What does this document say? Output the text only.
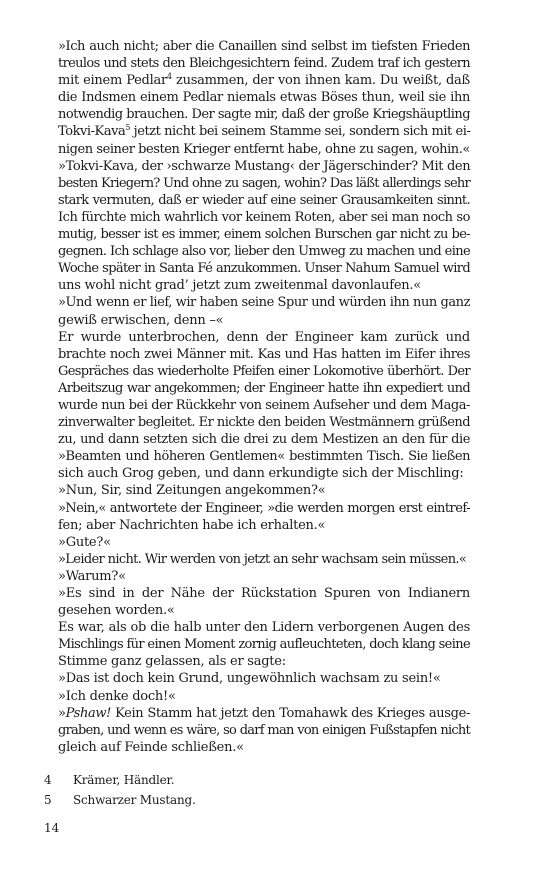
»Ich auch nicht; aber die Canaillen sind selbst im tiefsten Frieden
treulos und stets den Bleichgesichtern feind. Zudem traf ich gestern
mit einem Pedlar$^4$ zusammen, der von ihnen kam. Du weißt, daß
die Indsmen einem Pedlar niemals etwas Böses thun, weil sie ihn
notwendig brauchen. Der sagte mir, daß der große Kriegshäuptling
Tokvi-Kava$^5$ jetzt nicht bei seinem Stamme sei, sondern sich mit ei-
nigen seiner besten Krieger entfernt habe, ohne zu sagen, wohin.«

»Tokvi-Kava, der ›schwarze Mustang‹ der Jägerschinder? Mit den
besten Kriegern? Und ohne zu sagen, wohin? Das läßt allerdings sehr
stark vermuten, daß er wieder auf eine seiner Grausamkeiten sinnt.
Ich fürchte mich wahrlich vor keinem Roten, aber sei man noch so
mutig, besser ist es immer, einem solchen Burschen gar nicht zu be-
gegnen. Ich schlage also vor, lieber den Umweg zu machen und eine
Woche später in Santa Fé anzukommen. Unser Nahum Samuel wird
uns wohl nicht grad’ jetzt zum zweitenmal davonlaufen.«

»Und wenn er lief, wir haben seine Spur und würden ihn nun ganz
gewiß erwischen, denn –«

Er wurde unterbrochen, denn der Engineer kam zurück und
brachte noch zwei Männer mit. Kas und Has hatten im Eifer ihres
Gespräches das wiederholte Pfeifen einer Lokomotive überhört. Der
Arbeitszug war angekommen; der Engineer hatte ihn expediert und
wurde nun bei der Rückkehr von seinem Aufseher und dem Maga-
zinverwalter begleitet. Er nickte den beiden Westmännern grüßend
zu, und dann setzten sich die drei zu dem Mestizen an den für die
»Beamten und höheren Gentlemen« bestimmten Tisch. Sie ließen
sich auch Grog geben, und dann erkundigte sich der Mischling:

»Nun, Sir, sind Zeitungen angekommen?«

»Nein,« antwortete der Engineer, »die werden morgen erst eintref-
fen; aber Nachrichten habe ich erhalten.«

»Gute?«

»Leider nicht. Wir werden von jetzt an sehr wachsam sein müssen.«

»Warum?«

»Es sind in der Nähe der Rückstation Spuren von Indianern
gesehen worden.«

Es war, als ob die halb unter den Lidern verborgenen Augen des
Mischlings für einen Moment zornig aufleuchteten, doch klang seine
Stimme ganz gelassen, als er sagte:

»Das ist doch kein Grund, ungewöhnlich wachsam zu sein!«

»Ich denke doch!«

»Pshaw! Kein Stamm hat jetzt den Tomahawk des Krieges ausge-
graben, und wenn es wäre, so darf man von einigen Fußstapfen nicht
gleich auf Feinde schließen.«

4	Krämer, Händler.
5	Schwarzer Mustang.
14
